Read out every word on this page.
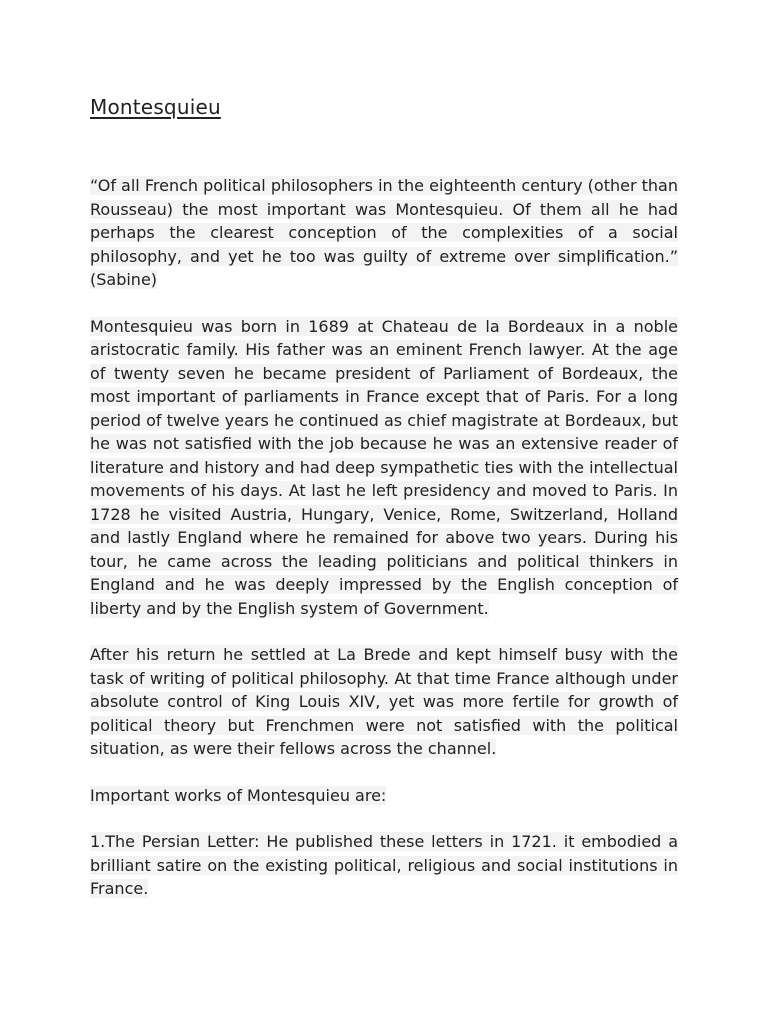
Montesquieu

“Of all French political philosophers in the eighteenth century (other than Rousseau) the most important was Montesquieu. Of them all he had perhaps the clearest conception of the complexities of a social philosophy, and yet he too was guilty of extreme over simplification.” (Sabine)

Montesquieu was born in 1689 at Chateau de la Bordeaux in a noble aristocratic family. His father was an eminent French lawyer. At the age of twenty seven he became president of Parliament of Bordeaux, the most important of parliaments in France except that of Paris. For a long period of twelve years he continued as chief magistrate at Bordeaux, but he was not satisfied with the job because he was an extensive reader of literature and history and had deep sympathetic ties with the intellectual movements of his days. At last he left presidency and moved to Paris. In 1728 he visited Austria, Hungary, Venice, Rome, Switzerland, Holland and lastly England where he remained for above two years. During his tour, he came across the leading politicians and political thinkers in England and he was deeply impressed by the English conception of liberty and by the English system of Government.

After his return he settled at La Brede and kept himself busy with the task of writing of political philosophy. At that time France although under absolute control of King Louis XIV, yet was more fertile for growth of political theory but Frenchmen were not satisfied with the political situation, as were their fellows across the channel.

Important works of Montesquieu are:

1.The Persian Letter: He published these letters in 1721. it embodied a brilliant satire on the existing political, religious and social institutions in France.
